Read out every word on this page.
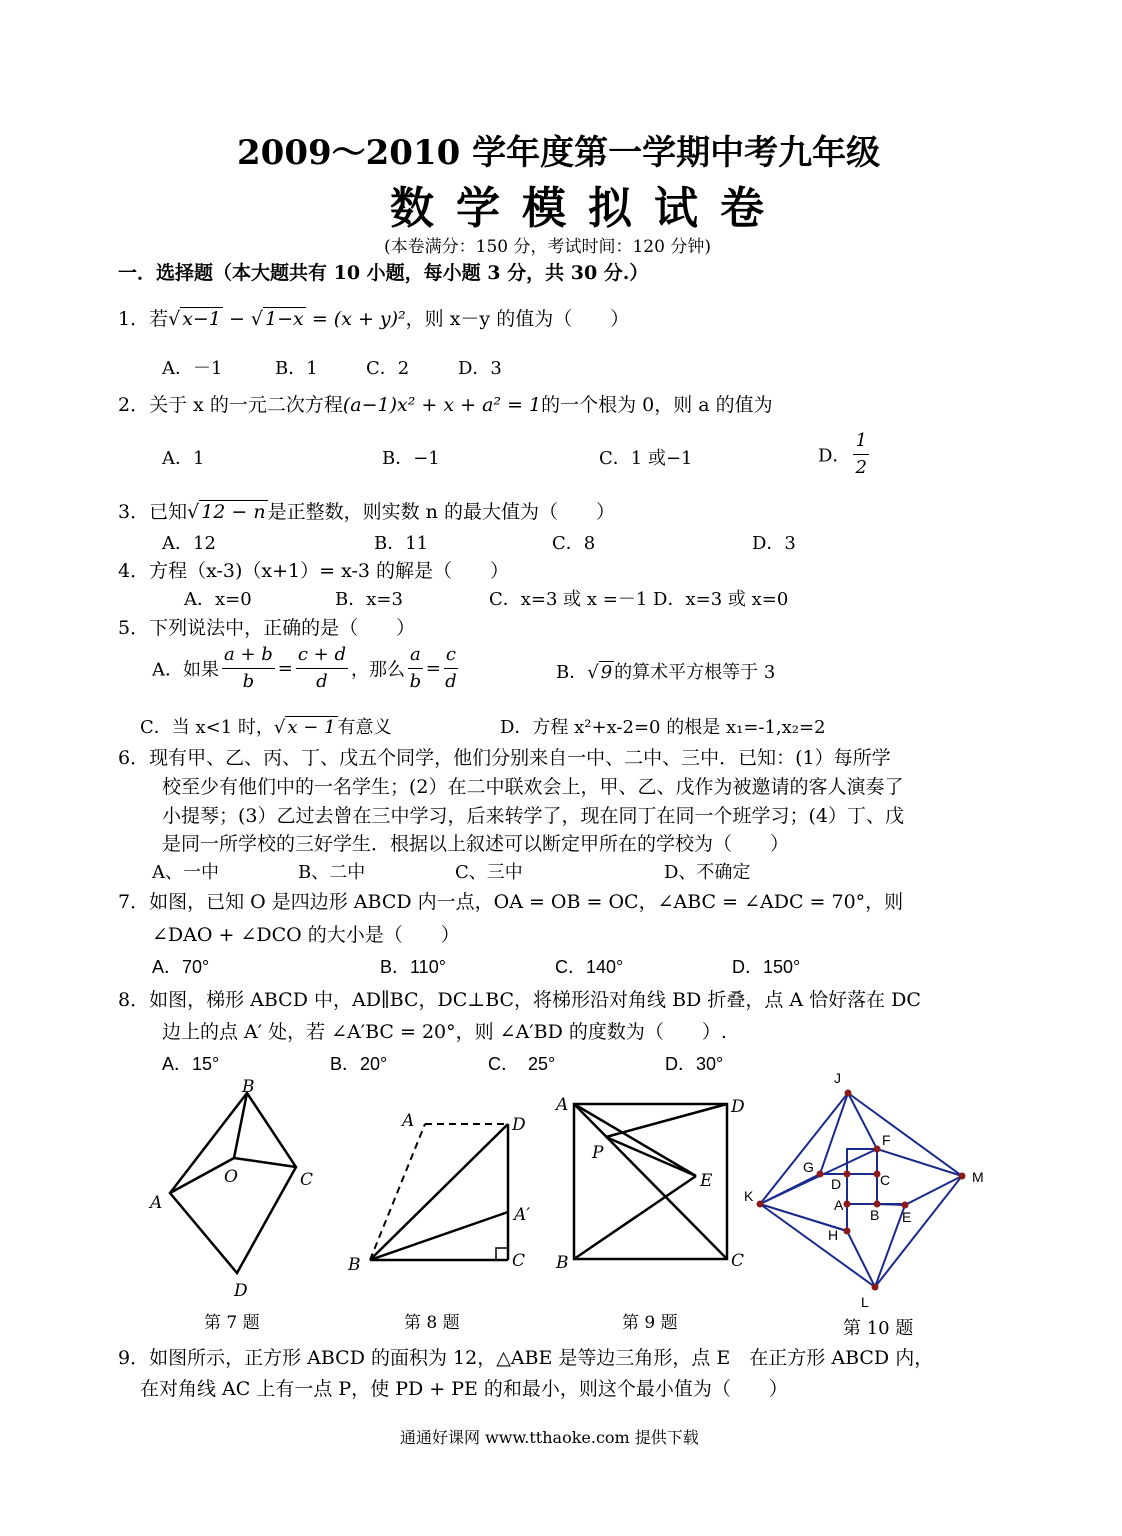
2009～2010 学年度第一学期中考九年级
数学模拟试卷
(本卷满分：150 分，考试时间：120 分钟)
一．选择题（本大题共有 10 小题，每小题 3 分，共 30 分.）
1．若√ x−1 − √ 1−x = (x + y)²，则 x－y 的值为（　　）
A．－1	B．1	C．2	D．3
2．关于 x 的一元二次方程(a−1)x² + x + a² = 1的一个根为 0，则 a 的值为
A．1	B．−1	C．1 或−1	D． $\frac{1}{2}$
3．已知√ 12 − n 是正整数，则实数 n 的最大值为（　　）
A．12	B．11	C．8	D．3
4．方程（x-3)（x+1）= x-3 的解是（　　）
A．x=0	B．x=3	C．x=3 或 x =－1 D．x=3 或 x=0
5．下列说法中，正确的是（　　）
A．如果 $\frac{a + b}{b} = \frac{c + d}{d}$ ，那么 $\frac{a}{b} = \frac{c}{d}$	B．√ 9 的算术平方根等于 3
C．当 x<1 时，√ x − 1 有意义	D．方程 x²+x-2=0 的根是 x₁=-1,x₂=2
6．现有甲、乙、丙、丁、戊五个同学，他们分别来自一中、二中、三中．已知：(1）每所学
校至少有他们中的一名学生；(2）在二中联欢会上，甲、乙、戊作为被邀请的客人演奏了
小提琴；(3）乙过去曾在三中学习，后来转学了，现在同丁在同一个班学习；(4）丁、戊
是同一所学校的三好学生．根据以上叙述可以断定甲所在的学校为（　　）
A、一中	B、二中	C、三中	D、不确定
7．如图，已知 O 是四边形 ABCD 内一点，OA = OB = OC，∠ABC = ∠ADC = 70°，则
∠DAO + ∠DCO 的大小是（　　）
A．70°	B．110°	C．140°	D．150°
8．如图，梯形 ABCD 中，AD∥BC，DC⊥BC，将梯形沿对角线 BD 折叠，点 A 恰好落在 DC
边上的点 A′ 处，若 ∠A′BC = 20°，则 ∠A′BD 的度数为（　　）.
A．15°	B．20°	C．　25°	D．30°
B
O	C
A
D
A	D
A′
B	C
A	D
P
E
B	C
J
F
G
D	C	M
K
A
B E
H
L
第 7 题	第 8 题	第 9 题	第 10 题
9．如图所示，正方形 ABCD 的面积为 12，△ABE 是等边三角形，点 E　在正方形 ABCD 内，
在对角线 AC 上有一点 P，使 PD + PE 的和最小，则这个最小值为（　　）
通通好课网 www.tthaoke.com 提供下载
